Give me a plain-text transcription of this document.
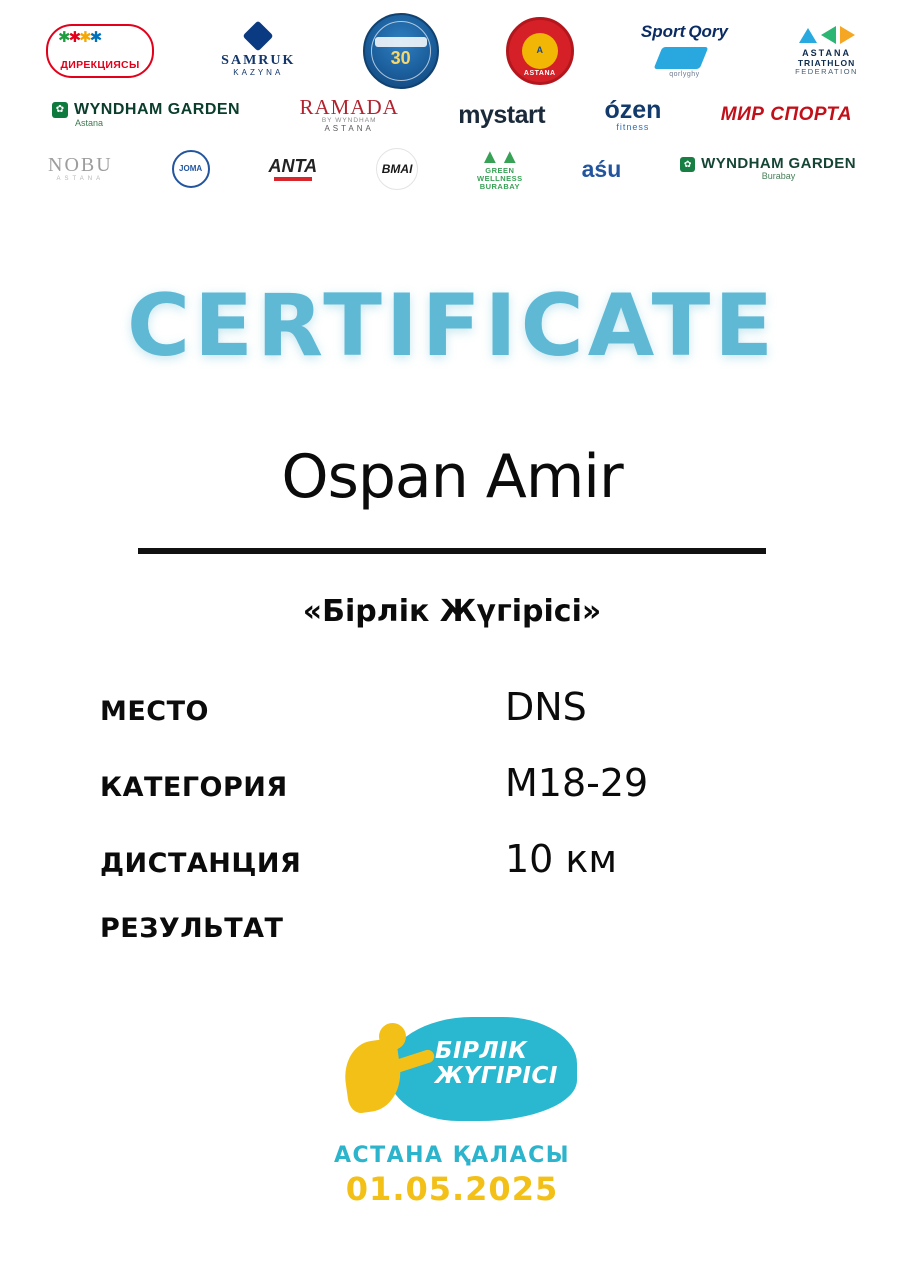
✱✱✱✱
ДИРЕКЦИЯСЫ	SAMRUK
KAZYNA
30	A
ASTANA
Sport Qory
qorlyghy
ASTANA
TRIATHLON
FEDERATION
✿ WYNDHAM GARDEN
Astana
RAMADA
BY WYNDHAM
ASTANA	mystart ózen
fitness
МИР СПОРТА
NOBU
ASTANA
JOMA	ANTA	BMAI
▲▲
GREEN
WELLNESS
BURABAY
aśu	✿ WYNDHAM GARDEN
Burabay
CERTIFICATE
Ospan Amir
«Бірлік Жүгірісі»
МЕСТО	DNS
КАТЕГОРИЯ	M18-29
ДИСТАНЦИЯ	10 км
РЕЗУЛЬТАТ
БІРЛІК
ЖҮГІРІСІ
АСТАНА ҚАЛАСЫ
01.05.2025
